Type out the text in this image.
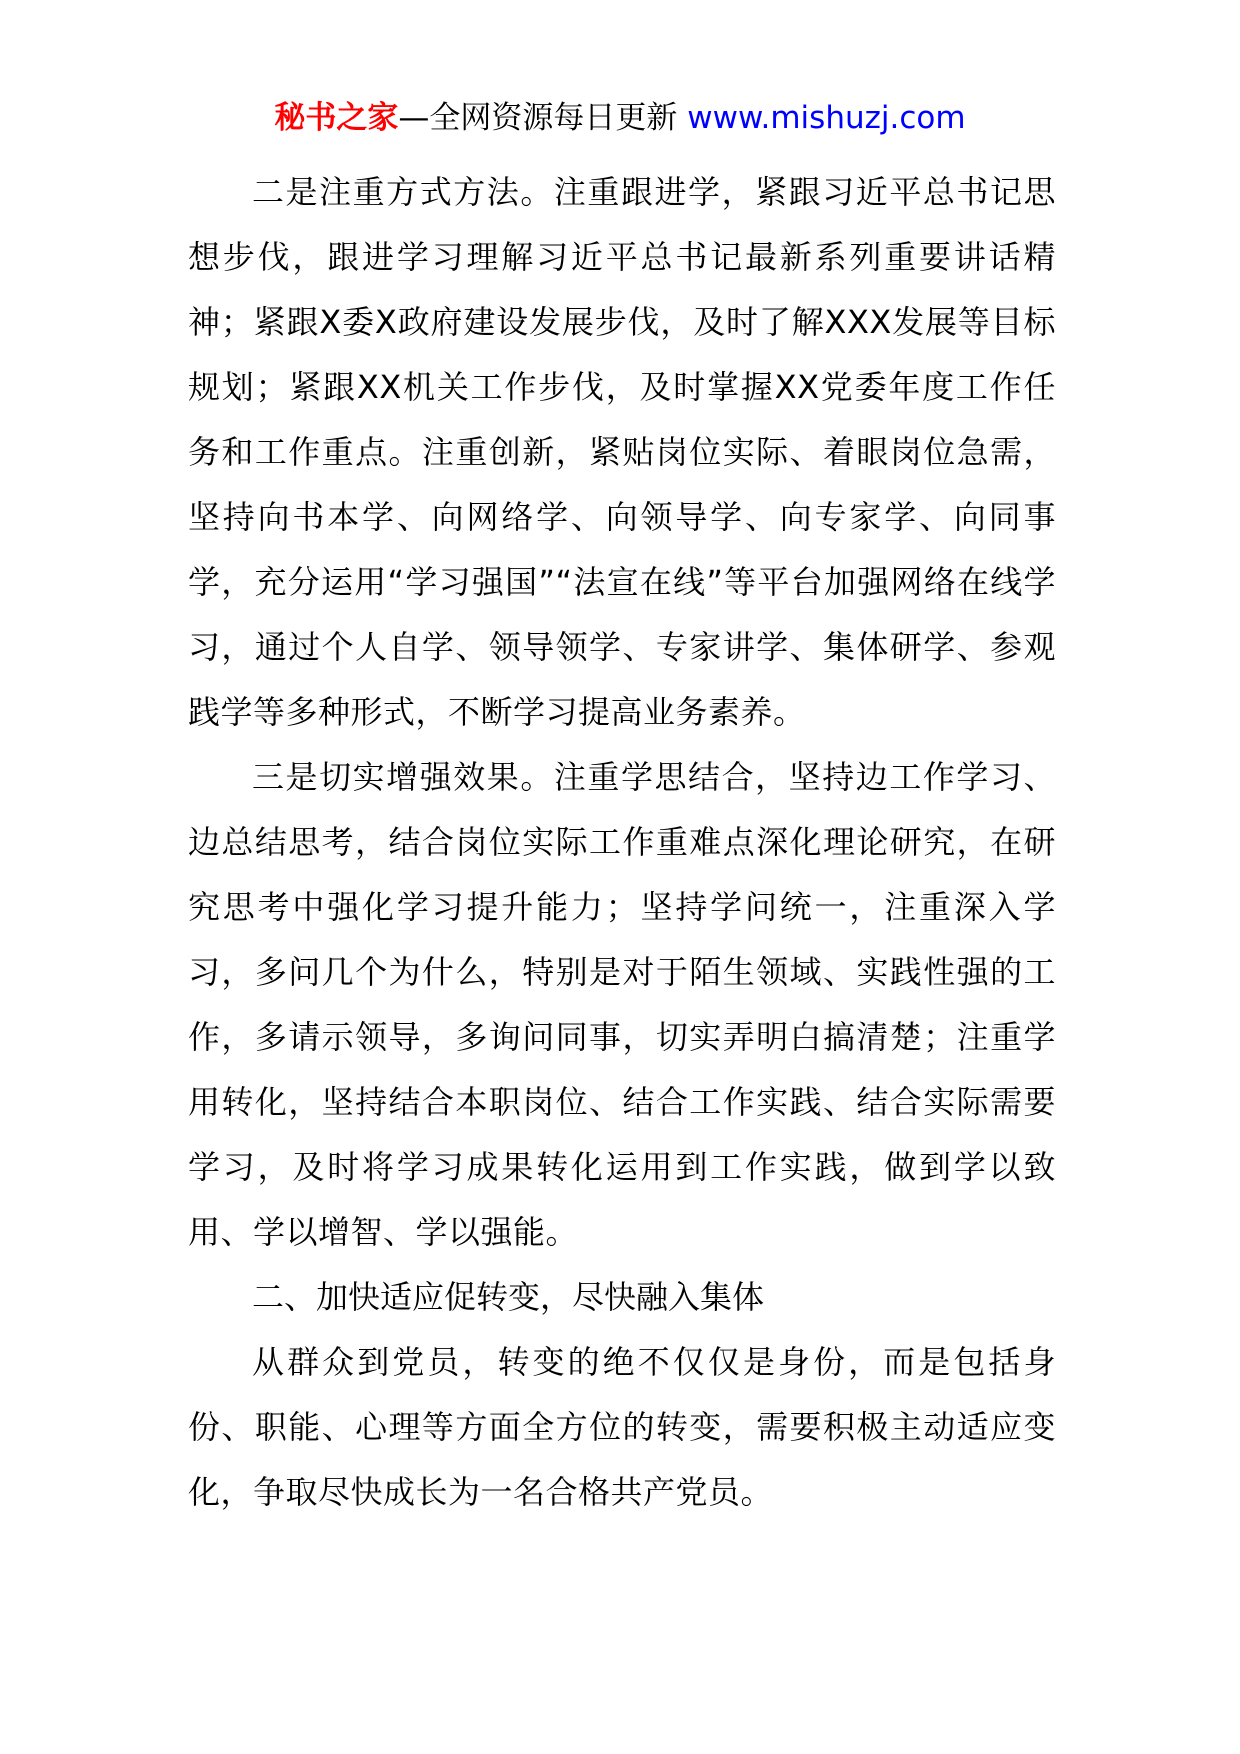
秘书之家—全网资源每日更新 www.mishuzj.com

二是注重方式方法。注重跟进学，紧跟习近平总书记思想步伐，跟进学习理解习近平总书记最新系列重要讲话精神；紧跟X委X政府建设发展步伐，及时了解XXX发展等目标规划；紧跟XX机关工作步伐，及时掌握XX党委年度工作任务和工作重点。注重创新，紧贴岗位实际、着眼岗位急需，坚持向书本学、向网络学、向领导学、向专家学、向同事学，充分运用“学习强国”“法宣在线”等平台加强网络在线学习，通过个人自学、领导领学、专家讲学、集体研学、参观践学等多种形式，不断学习提高业务素养。

三是切实增强效果。注重学思结合，坚持边工作学习、边总结思考，结合岗位实际工作重难点深化理论研究，在研究思考中强化学习提升能力；坚持学问统一，注重深入学习，多问几个为什么，特别是对于陌生领域、实践性强的工作，多请示领导，多询问同事，切实弄明白搞清楚；注重学用转化，坚持结合本职岗位、结合工作实践、结合实际需要学习，及时将学习成果转化运用到工作实践，做到学以致用、学以增智、学以强能。

二、加快适应促转变，尽快融入集体

从群众到党员，转变的绝不仅仅是身份，而是包括身份、职能、心理等方面全方位的转变，需要积极主动适应变化，争取尽快成长为一名合格共产党员。
